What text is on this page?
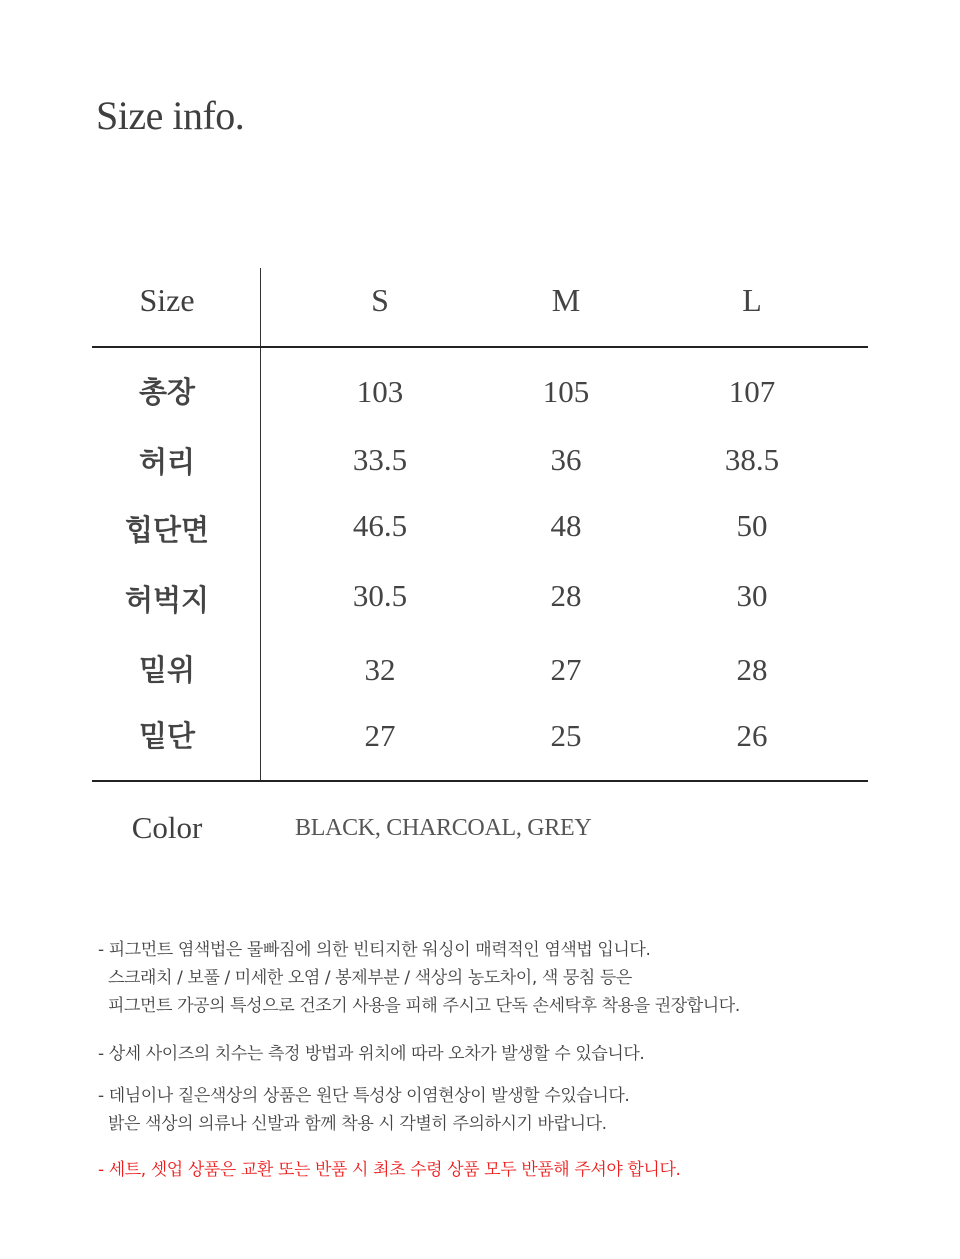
Size info.
Size	S	M	L
총장	103	105	107
허리	33.5	36	38.5
힙단면	46.5	48	50
허벅지	30.5	28	30
밑위	32	27	28
밑단	27	25	26
Color	BLACK, CHARCOAL, GREY
- 피그먼트 염색법은 물빠짐에 의한 빈티지한 워싱이 매력적인 염색법 입니다.
스크래치 / 보풀 / 미세한 오염 / 봉제부분 / 색상의 농도차이, 색 뭉침 등은
피그먼트 가공의 특성으로 건조기 사용을 피해 주시고 단독 손세탁후 착용을 권장합니다.
- 상세 사이즈의 치수는 측정 방법과 위치에 따라 오차가 발생할 수 있습니다.
- 데님이나 짙은색상의 상품은 원단 특성상 이염현상이 발생할 수있습니다.
밝은 색상의 의류나 신발과 함께 착용 시 각별히 주의하시기 바랍니다.
- 세트, 셋업 상품은 교환 또는 반품 시 최초 수령 상품 모두 반품해 주셔야 합니다.
